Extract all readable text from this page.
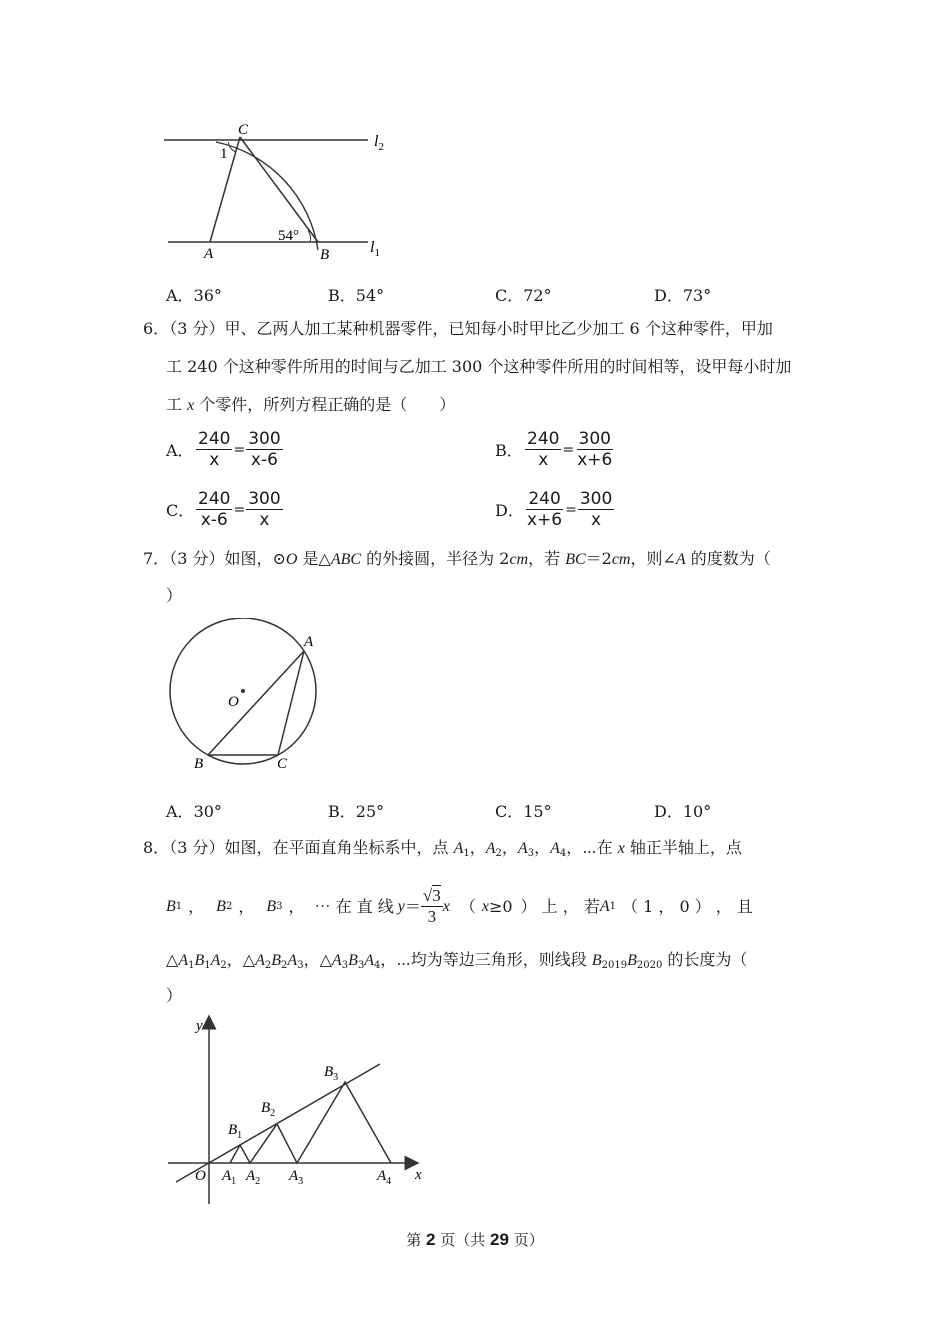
C
1
A	B
54°
$l_2$
$l_1$
A．36°	B．54°	C．72°	D．73°
6．（3 分）甲、乙两人加工某种机器零件，已知每小时甲比乙少加工 6 个这种零件，甲加
工 240 个这种零件所用的时间与乙加工 300 个这种零件所用的时间相等，设甲每小时加
工 x 个零件，所列方程正确的是（　　）
A． $\frac{240}{x} = \frac{300}{x-6}$	B． $\frac{240}{x} = \frac{300}{x+6}$
C． $\frac{240}{x-6} = \frac{300}{x}$	D． $\frac{240}{x+6} = \frac{300}{x}$
7．（3 分）如图，⊙O 是△ABC 的外接圆，半径为 2cm，若 BC＝2cm，则∠A 的度数为（
）
A
O
B	C
A．30°	B．25°	C．15°	D．10°
8．（3 分）如图，在平面直角坐标系中，点 $A_1$，$A_2$，$A_3$，$A_4$，⋯在 x 轴正半轴上，点
B 1 ， B 2 ， B 3 ， ⋯ 在 直 线 $y = \frac{√3}{3}$ x （ x ≥0 ） 上 ， 若 A 1 （ 1 ， 0 ） ， 且
$\triangle A_1B_1A_2$，$\triangle A_2B_2A_3$，$\triangle A_3B_3A_4$，⋯均为等边三角形，则线段 $B_{2019}B_{2020}$ 的长度为（
）
y
x
O $A_1$ $A_2$ $A_3$	$A_4$
$B_1$
$B_2$
$B_3$
第 2 页（共 29 页）
